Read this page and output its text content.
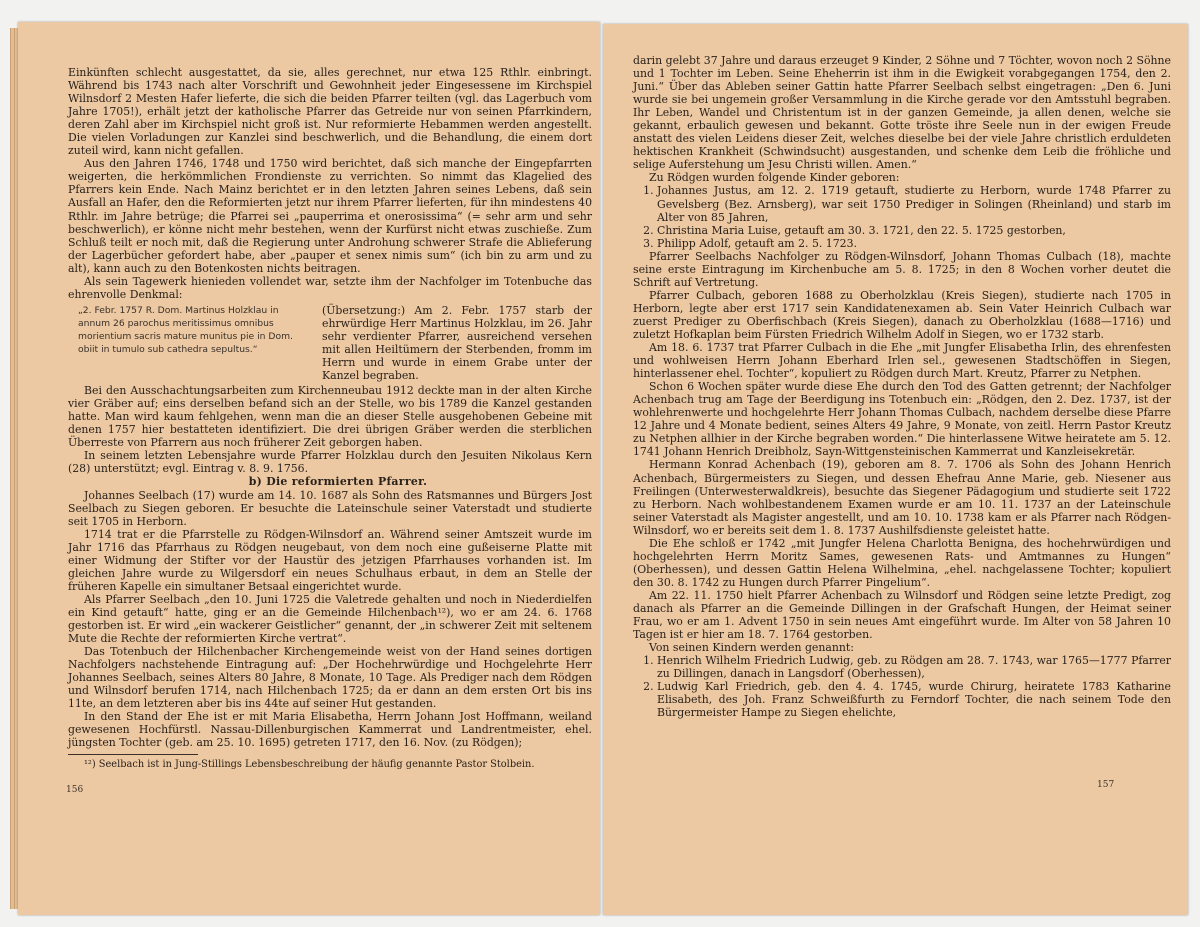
Einkünften schlecht ausgestattet, da sie, alles gerechnet, nur etwa 125 Rthlr. einbringt. Während bis 1743 nach alter Vorschrift und Gewohnheit jeder Eingesessene im Kirchspiel Wilnsdorf 2 Mesten Hafer lieferte, die sich die beiden Pfarrer teilten (vgl. das Lagerbuch vom Jahre 1705!), erhält jetzt der katholische Pfarrer das Getreide nur von seinen Pfarrkindern, deren Zahl aber im Kirchspiel nicht groß ist. Nur reformierte Hebammen werden angestellt. Die vielen Vorladungen zur Kanzlei sind beschwerlich, und die Behandlung, die einem dort zuteil wird, kann nicht gefallen.

Aus den Jahren 1746, 1748 und 1750 wird berichtet, daß sich manche der Eingepfarrten weigerten, die herkömmlichen Frondienste zu verrichten. So nimmt das Klagelied des Pfarrers kein Ende. Nach Mainz berichtet er in den letzten Jahren seines Lebens, daß sein Ausfall an Hafer, den die Reformierten jetzt nur ihrem Pfarrer lieferten, für ihn mindestens 40 Rthlr. im Jahre betrüge; die Pfarrei sei „pauperrima et onerosissima“ (= sehr arm und sehr beschwerlich), er könne nicht mehr bestehen, wenn der Kurfürst nicht etwas zuschieße. Zum Schluß teilt er noch mit, daß die Regierung unter Androhung schwerer Strafe die Ablieferung der Lagerbücher gefordert habe, aber „pauper et senex nimis sum“ (ich bin zu arm und zu alt), kann auch zu den Botenkosten nichts beitragen.

Als sein Tagewerk hienieden vollendet war, setzte ihm der Nachfolger im Totenbuche das ehrenvolle Denkmal:

„2. Febr. 1757 R. Dom. Martinus Holzklau in annum 26 parochus meritissimus omnibus morientium sacris mature munitus pie in Dom. obiit in tumulo sub cathedra sepultus.“
(Übersetzung:) Am 2. Febr. 1757 starb der ehrwürdige Herr Martinus Holzklau, im 26. Jahr sehr verdienter Pfarrer, ausreichend versehen mit allen Heiltümern der Sterbenden, fromm im Herrn und wurde in einem Grabe unter der Kanzel begraben.

Bei den Ausschachtungsarbeiten zum Kirchenneubau 1912 deckte man in der alten Kirche vier Gräber auf; eins derselben befand sich an der Stelle, wo bis 1789 die Kanzel gestanden hatte. Man wird kaum fehlgehen, wenn man die an dieser Stelle ausgehobenen Gebeine mit denen 1757 hier bestatteten identifiziert. Die drei übrigen Gräber werden die sterblichen Überreste von Pfarrern aus noch früherer Zeit geborgen haben.

In seinem letzten Lebensjahre wurde Pfarrer Holzklau durch den Jesuiten Nikolaus Kern (28) unterstützt; evgl. Eintrag v. 8. 9. 1756.

b) Die reformierten Pfarrer.

Johannes Seelbach (17) wurde am 14. 10. 1687 als Sohn des Ratsmannes und Bürgers Jost Seelbach zu Siegen geboren. Er besuchte die Lateinschule seiner Vaterstadt und studierte seit 1705 in Herborn.

1714 trat er die Pfarrstelle zu Rödgen-Wilnsdorf an. Während seiner Amtszeit wurde im Jahr 1716 das Pfarrhaus zu Rödgen neugebaut, von dem noch eine gußeiserne Platte mit einer Widmung der Stifter vor der Haustür des jetzigen Pfarrhauses vorhanden ist. Im gleichen Jahre wurde zu Wilgersdorf ein neues Schulhaus erbaut, in dem an Stelle der früheren Kapelle ein simultaner Betsaal eingerichtet wurde.

Als Pfarrer Seelbach „den 10. Juni 1725 die Valetrede gehalten und noch in Niederdielfen ein Kind getauft“ hatte, ging er an die Gemeinde Hilchenbach¹²), wo er am 24. 6. 1768 gestorben ist. Er wird „ein wackerer Geistlicher“ genannt, der „in schwerer Zeit mit seltenem Mute die Rechte der reformierten Kirche vertrat“.

Das Totenbuch der Hilchenbacher Kirchengemeinde weist von der Hand seines dortigen Nachfolgers nachstehende Eintragung auf: „Der Hochehrwürdige und Hochgelehrte Herr Johannes Seelbach, seines Alters 80 Jahre, 8 Monate, 10 Tage. Als Prediger nach dem Rödgen und Wilnsdorf berufen 1714, nach Hilchenbach 1725; da er dann an dem ersten Ort bis ins 11te, an dem letzteren aber bis ins 44te auf seiner Hut gestanden.

In den Stand der Ehe ist er mit Maria Elisabetha, Herrn Johann Jost Hoffmann, weiland gewesenen Hochfürstl. Nassau-Dillenburgischen Kammerrat und Landrentmeister, ehel. jüngsten Tochter (geb. am 25. 10. 1695) getreten 1717, den 16. Nov. (zu Rödgen);

¹²) Seelbach ist in Jung-Stillings Lebensbeschreibung der häufig genannte Pastor Stolbein.

156

darin gelebt 37 Jahre und daraus erzeuget 9 Kinder, 2 Söhne und 7 Töchter, wovon noch 2 Söhne und 1 Tochter im Leben. Seine Eheherrin ist ihm in die Ewigkeit vorabgegangen 1754, den 2. Juni.“ Über das Ableben seiner Gattin hatte Pfarrer Seelbach selbst eingetragen: „Den 6. Juni wurde sie bei ungemein großer Versammlung in die Kirche gerade vor den Amtsstuhl begraben. Ihr Leben, Wandel und Christentum ist in der ganzen Gemeinde, ja allen denen, welche sie gekannt, erbaulich gewesen und bekannt. Gotte tröste ihre Seele nun in der ewigen Freude anstatt des vielen Leidens dieser Zeit, welches dieselbe bei der viele Jahre christlich erduldeten hektischen Krankheit (Schwindsucht) ausgestanden, und schenke dem Leib die fröhliche und selige Auferstehung um Jesu Christi willen. Amen.“

Zu Rödgen wurden folgende Kinder geboren:

1. Johannes Justus, am 12. 2. 1719 getauft, studierte zu Herborn, wurde 1748 Pfarrer zu Gevelsberg (Bez. Arnsberg), war seit 1750 Prediger in Solingen (Rheinland) und starb im Alter von 85 Jahren,
2. Christina Maria Luise, getauft am 30. 3. 1721, den 22. 5. 1725 gestorben,
3. Philipp Adolf, getauft am 2. 5. 1723.

Pfarrer Seelbachs Nachfolger zu Rödgen-Wilnsdorf, Johann Thomas Culbach (18), machte seine erste Eintragung im Kirchenbuche am 5. 8. 1725; in den 8 Wochen vorher deutet die Schrift auf Vertretung.

Pfarrer Culbach, geboren 1688 zu Oberholzklau (Kreis Siegen), studierte nach 1705 in Herborn, legte aber erst 1717 sein Kandidatenexamen ab. Sein Vater Heinrich Culbach war zuerst Prediger zu Oberfischbach (Kreis Siegen), danach zu Oberholzklau (1688—1716) und zuletzt Hofkaplan beim Fürsten Friedrich Wilhelm Adolf in Siegen, wo er 1732 starb.

Am 18. 6. 1737 trat Pfarrer Culbach in die Ehe „mit Jungfer Elisabetha Irlin, des ehrenfesten und wohlweisen Herrn Johann Eberhard Irlen sel., gewesenen Stadtschöffen in Siegen, hinterlassener ehel. Tochter“, kopuliert zu Rödgen durch Mart. Kreutz, Pfarrer zu Netphen.

Schon 6 Wochen später wurde diese Ehe durch den Tod des Gatten getrennt; der Nachfolger Achenbach trug am Tage der Beerdigung ins Totenbuch ein: „Rödgen, den 2. Dez. 1737, ist der wohlehrenwerte und hochgelehrte Herr Johann Thomas Culbach, nachdem derselbe diese Pfarre 12 Jahre und 4 Monate bedient, seines Alters 49 Jahre, 9 Monate, von zeitl. Herrn Pastor Kreutz zu Netphen allhier in der Kirche begraben worden.“ Die hinterlassene Witwe heiratete am 5. 12. 1741 Johann Henrich Dreibholz, Sayn-Wittgensteinischen Kammerrat und Kanzleisekretär.

Hermann Konrad Achenbach (19), geboren am 8. 7. 1706 als Sohn des Johann Henrich Achenbach, Bürgermeisters zu Siegen, und dessen Ehefrau Anne Marie, geb. Niesener aus Freilingen (Unterwesterwaldkreis), besuchte das Siegener Pädagogium und studierte seit 1722 zu Herborn. Nach wohlbestandenem Examen wurde er am 10. 11. 1737 an der Lateinschule seiner Vaterstadt als Magister angestellt, und am 10. 10. 1738 kam er als Pfarrer nach Rödgen-Wilnsdorf, wo er bereits seit dem 1. 8. 1737 Aushilfsdienste geleistet hatte.

Die Ehe schloß er 1742 „mit Jungfer Helena Charlotta Benigna, des hochehrwürdigen und hochgelehrten Herrn Moritz Sames, gewesenen Rats- und Amtmannes zu Hungen“ (Oberhessen), und dessen Gattin Helena Wilhelmina, „ehel. nachgelassene Tochter; kopuliert den 30. 8. 1742 zu Hungen durch Pfarrer Pingelium“.

Am 22. 11. 1750 hielt Pfarrer Achenbach zu Wilnsdorf und Rödgen seine letzte Predigt, zog danach als Pfarrer an die Gemeinde Dillingen in der Grafschaft Hungen, der Heimat seiner Frau, wo er am 1. Advent 1750 in sein neues Amt eingeführt wurde. Im Alter von 58 Jahren 10 Tagen ist er hier am 18. 7. 1764 gestorben.

Von seinen Kindern werden genannt:

1. Henrich Wilhelm Friedrich Ludwig, geb. zu Rödgen am 28. 7. 1743, war 1765—1777 Pfarrer zu Dillingen, danach in Langsdorf (Oberhessen),
2. Ludwig Karl Friedrich, geb. den 4. 4. 1745, wurde Chirurg, heiratete 1783 Katharine Elisabeth, des Joh. Franz Schweißfurth zu Ferndorf Tochter, die nach seinem Tode den Bürgermeister Hampe zu Siegen ehelichte,
157
